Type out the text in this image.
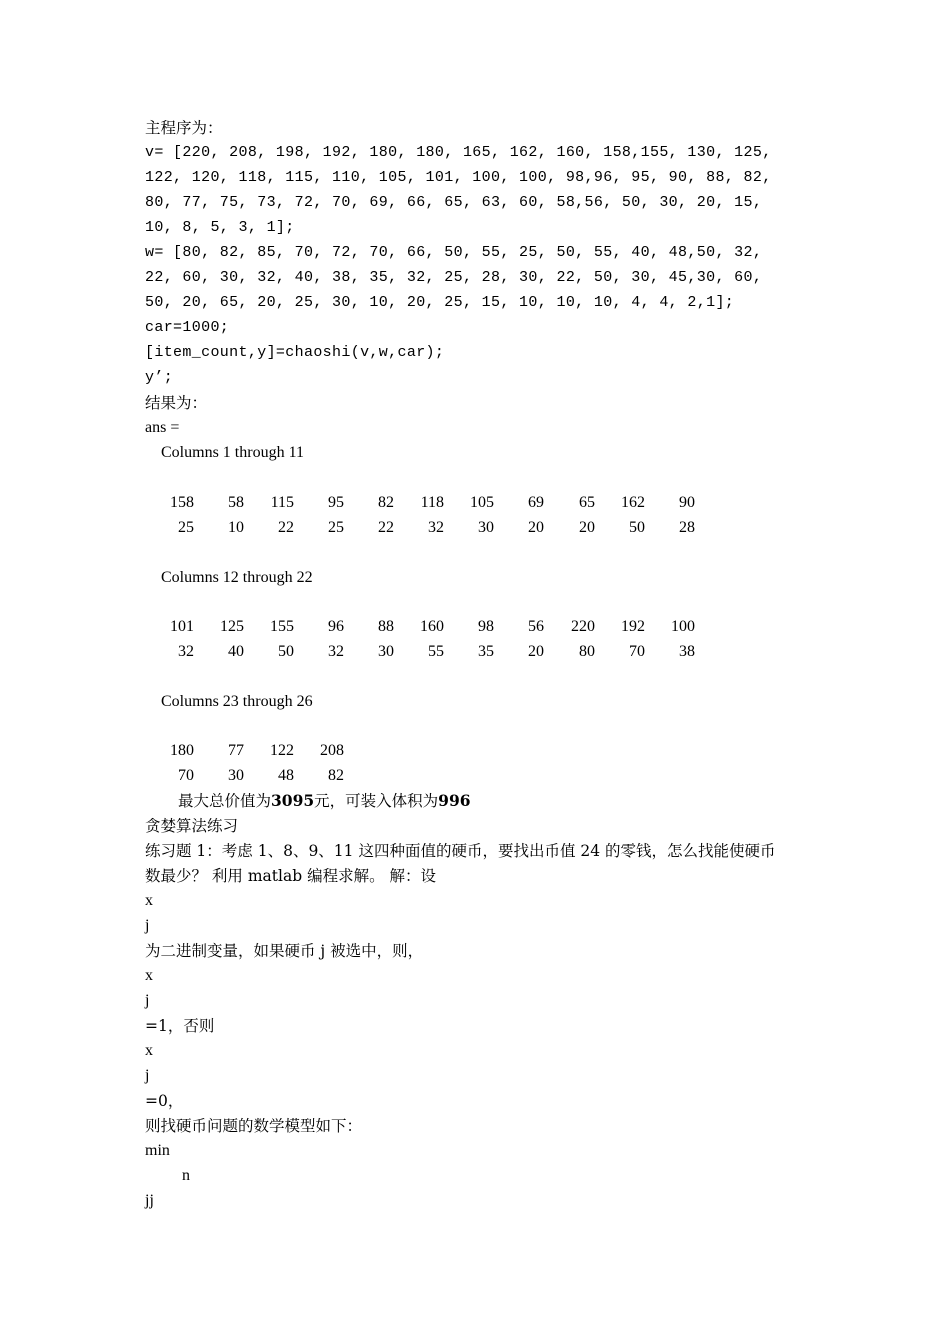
主程序为：
v= [220, 208, 198, 192, 180, 180, 165, 162, 160, 158,155, 130, 125,
122, 120, 118, 115, 110, 105, 101, 100, 100, 98,96, 95, 90, 88, 82,
80, 77, 75, 73, 72, 70, 69, 66, 65, 63, 60, 58,56, 50, 30, 20, 15,
10, 8, 5, 3, 1];
w= [80, 82, 85, 70, 72, 70, 66, 50, 55, 25, 50, 55, 40, 48,50, 32,
22, 60, 30, 32, 40, 38, 35, 32, 25, 28, 30, 22, 50, 30, 45,30, 60,
50, 20, 65, 20, 25, 30, 10, 20, 25, 15, 10, 10, 10, 4, 4, 2,1];
car=1000;
[item_count,y]=chaoshi(v,w,car);
y’;
结果为：
ans =
Columns 1 through 11
158	58	115	95	82	118	105	69	65	162	90
25	10	22	25	22	32	30	20	20	50	28
Columns 12 through 22
101	125	155	96	88	160	98	56	220	192	100
32	40	50	32	30	55	35	20	80	70	38
Columns 23 through 26
180	77	122	208
70	30	48	82
最大总价值为3095元，可装入体积为996
贪婪算法练习
练习题 1：考虑 1、8、9、11 这四种面值的硬币，要找出币值 24 的零钱，怎么找能使硬币
数最少？ 利用 matlab 编程求解。 解：设
x
j
为二进制变量，如果硬币 j 被选中，则，
x
j
=1，否则
x
j
=0，
则找硬币问题的数学模型如下：
min
n
jj
